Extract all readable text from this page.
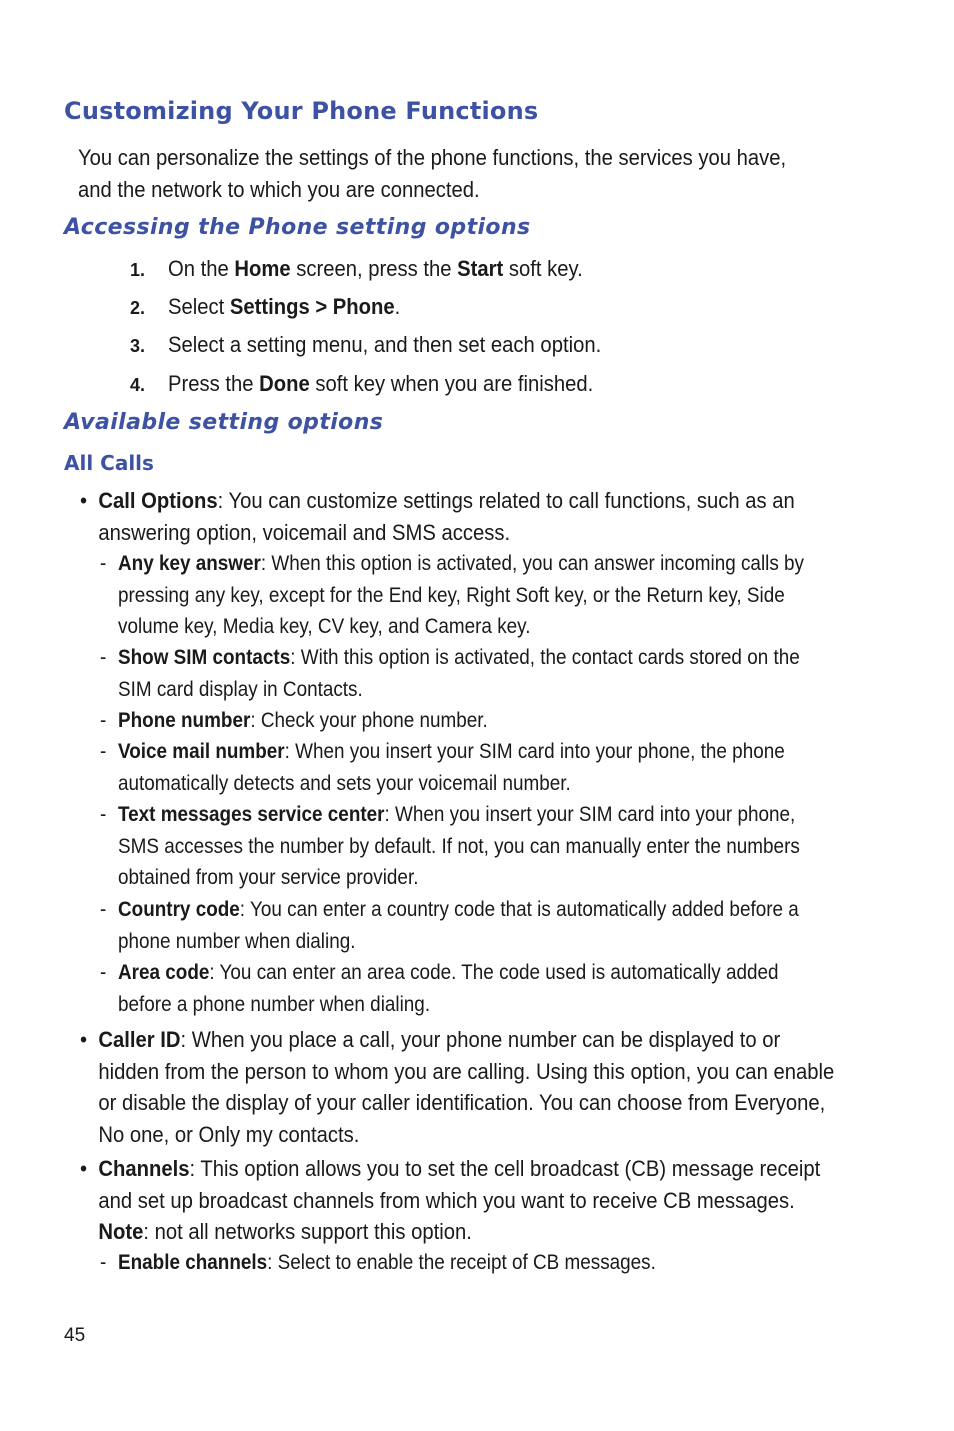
Customizing Your Phone Functions

You can personalize the settings of the phone functions, the services you have, and the network to which you are connected.

Accessing the Phone setting options
1. On the Home screen, press the Start soft key.
2. Select Settings > Phone.
3. Select a setting menu, and then set each option.
4. Press the Done soft key when you are finished.
Available setting options
All Calls
• Call Options: You can customize settings related to call functions, such as an answering option, voicemail and SMS access.
- Any key answer: When this option is activated, you can answer incoming calls by pressing any key, except for the End key, Right Soft key, or the Return key, Side volume key, Media key, CV key, and Camera key.
- Show SIM contacts: With this option is activated, the contact cards stored on the SIM card display in Contacts.
- Phone number: Check your phone number.
- Voice mail number: When you insert your SIM card into your phone, the phone automatically detects and sets your voicemail number.
- Text messages service center: When you insert your SIM card into your phone, SMS accesses the number by default. If not, you can manually enter the numbers obtained from your service provider.
- Country code: You can enter a country code that is automatically added before a phone number when dialing.
- Area code: You can enter an area code. The code used is automatically added before a phone number when dialing.
• Caller ID: When you place a call, your phone number can be displayed to or hidden from the person to whom you are calling. Using this option, you can enable or disable the display of your caller identification. You can choose from Everyone, No one, or Only my contacts.
• Channels: This option allows you to set the cell broadcast (CB) message receipt and set up broadcast channels from which you want to receive CB messages.
Note: not all networks support this option.
- Enable channels: Select to enable the receipt of CB messages.
45
